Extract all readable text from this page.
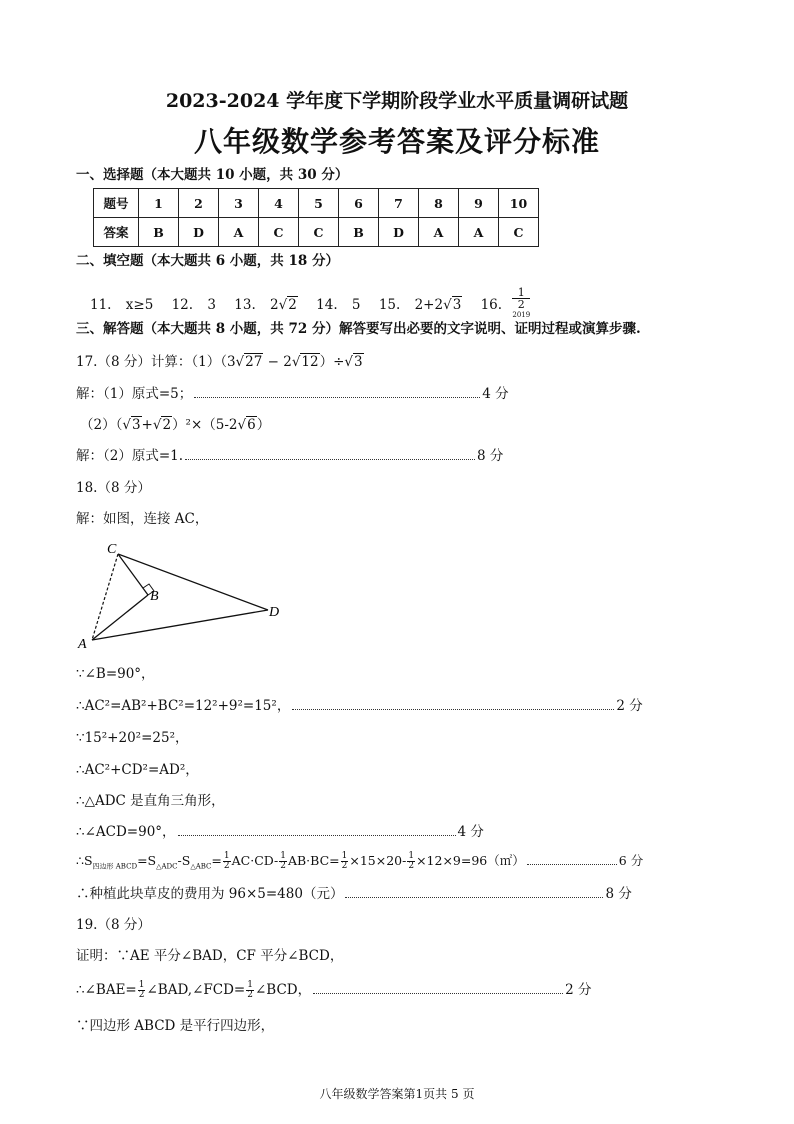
2023-2024 学年度下学期阶段学业水平质量调研试题
八年级数学参考答案及评分标准
一、选择题（本大题共 10 小题，共 30 分）
题号	1	2	3	4	5	6	7	8	9	10
答案	B	D	A	C	C	B	D	A	A	C
二、填空题（本大题共 6 小题，共 18 分）
11. x≥5 12. 3 13. 2√2 14. 5 15. 2+2√3 16. 1
2
$^{2019}$
三、解答题（本大题共 8 小题，共 72 分）解答要写出必要的文字说明、证明过程或演算步骤.
17.（8 分）计算：（1）（3√27 − 2√12）÷√3
解：（1）原式=5；	4 分
（2）（√3+√2）²×（5-2√6）
解：（2）原式=1.	8 分
18.（8 分）
解：如图，连接 AC，
C
B
D
A
∵∠B=90°，
∴AC²=AB²+BC²=12²+9²=15²，	2 分
∵15²+20²=25²，
∴AC²+CD²=AD²，
∴△ADC 是直角三角形，
∴∠ACD=90°，	4 分
$\therefore S_{四边形 ABCD}=S_{\triangle ADC}-S_{\triangle ABC}= \frac{1}{2} AC\cdot CD- \frac{1}{2} AB\cdot BC= \frac{1}{2} \times 15\times 20- \frac{1}{2}$ ×12×9=96（㎡）	6 分
∴种植此块草皮的费用为 96×5=480（元）	8 分
19.（8 分）
证明：∵AE 平分∠BAD，CF 平分∠BCD，
∴∠BAE= $\frac{1}{2}$ ∠BAD,∠FCD= $\frac{1}{2}$ ∠BCD，	2 分
∵四边形 ABCD 是平行四边形，
八年级数学答案第1页共 5 页
